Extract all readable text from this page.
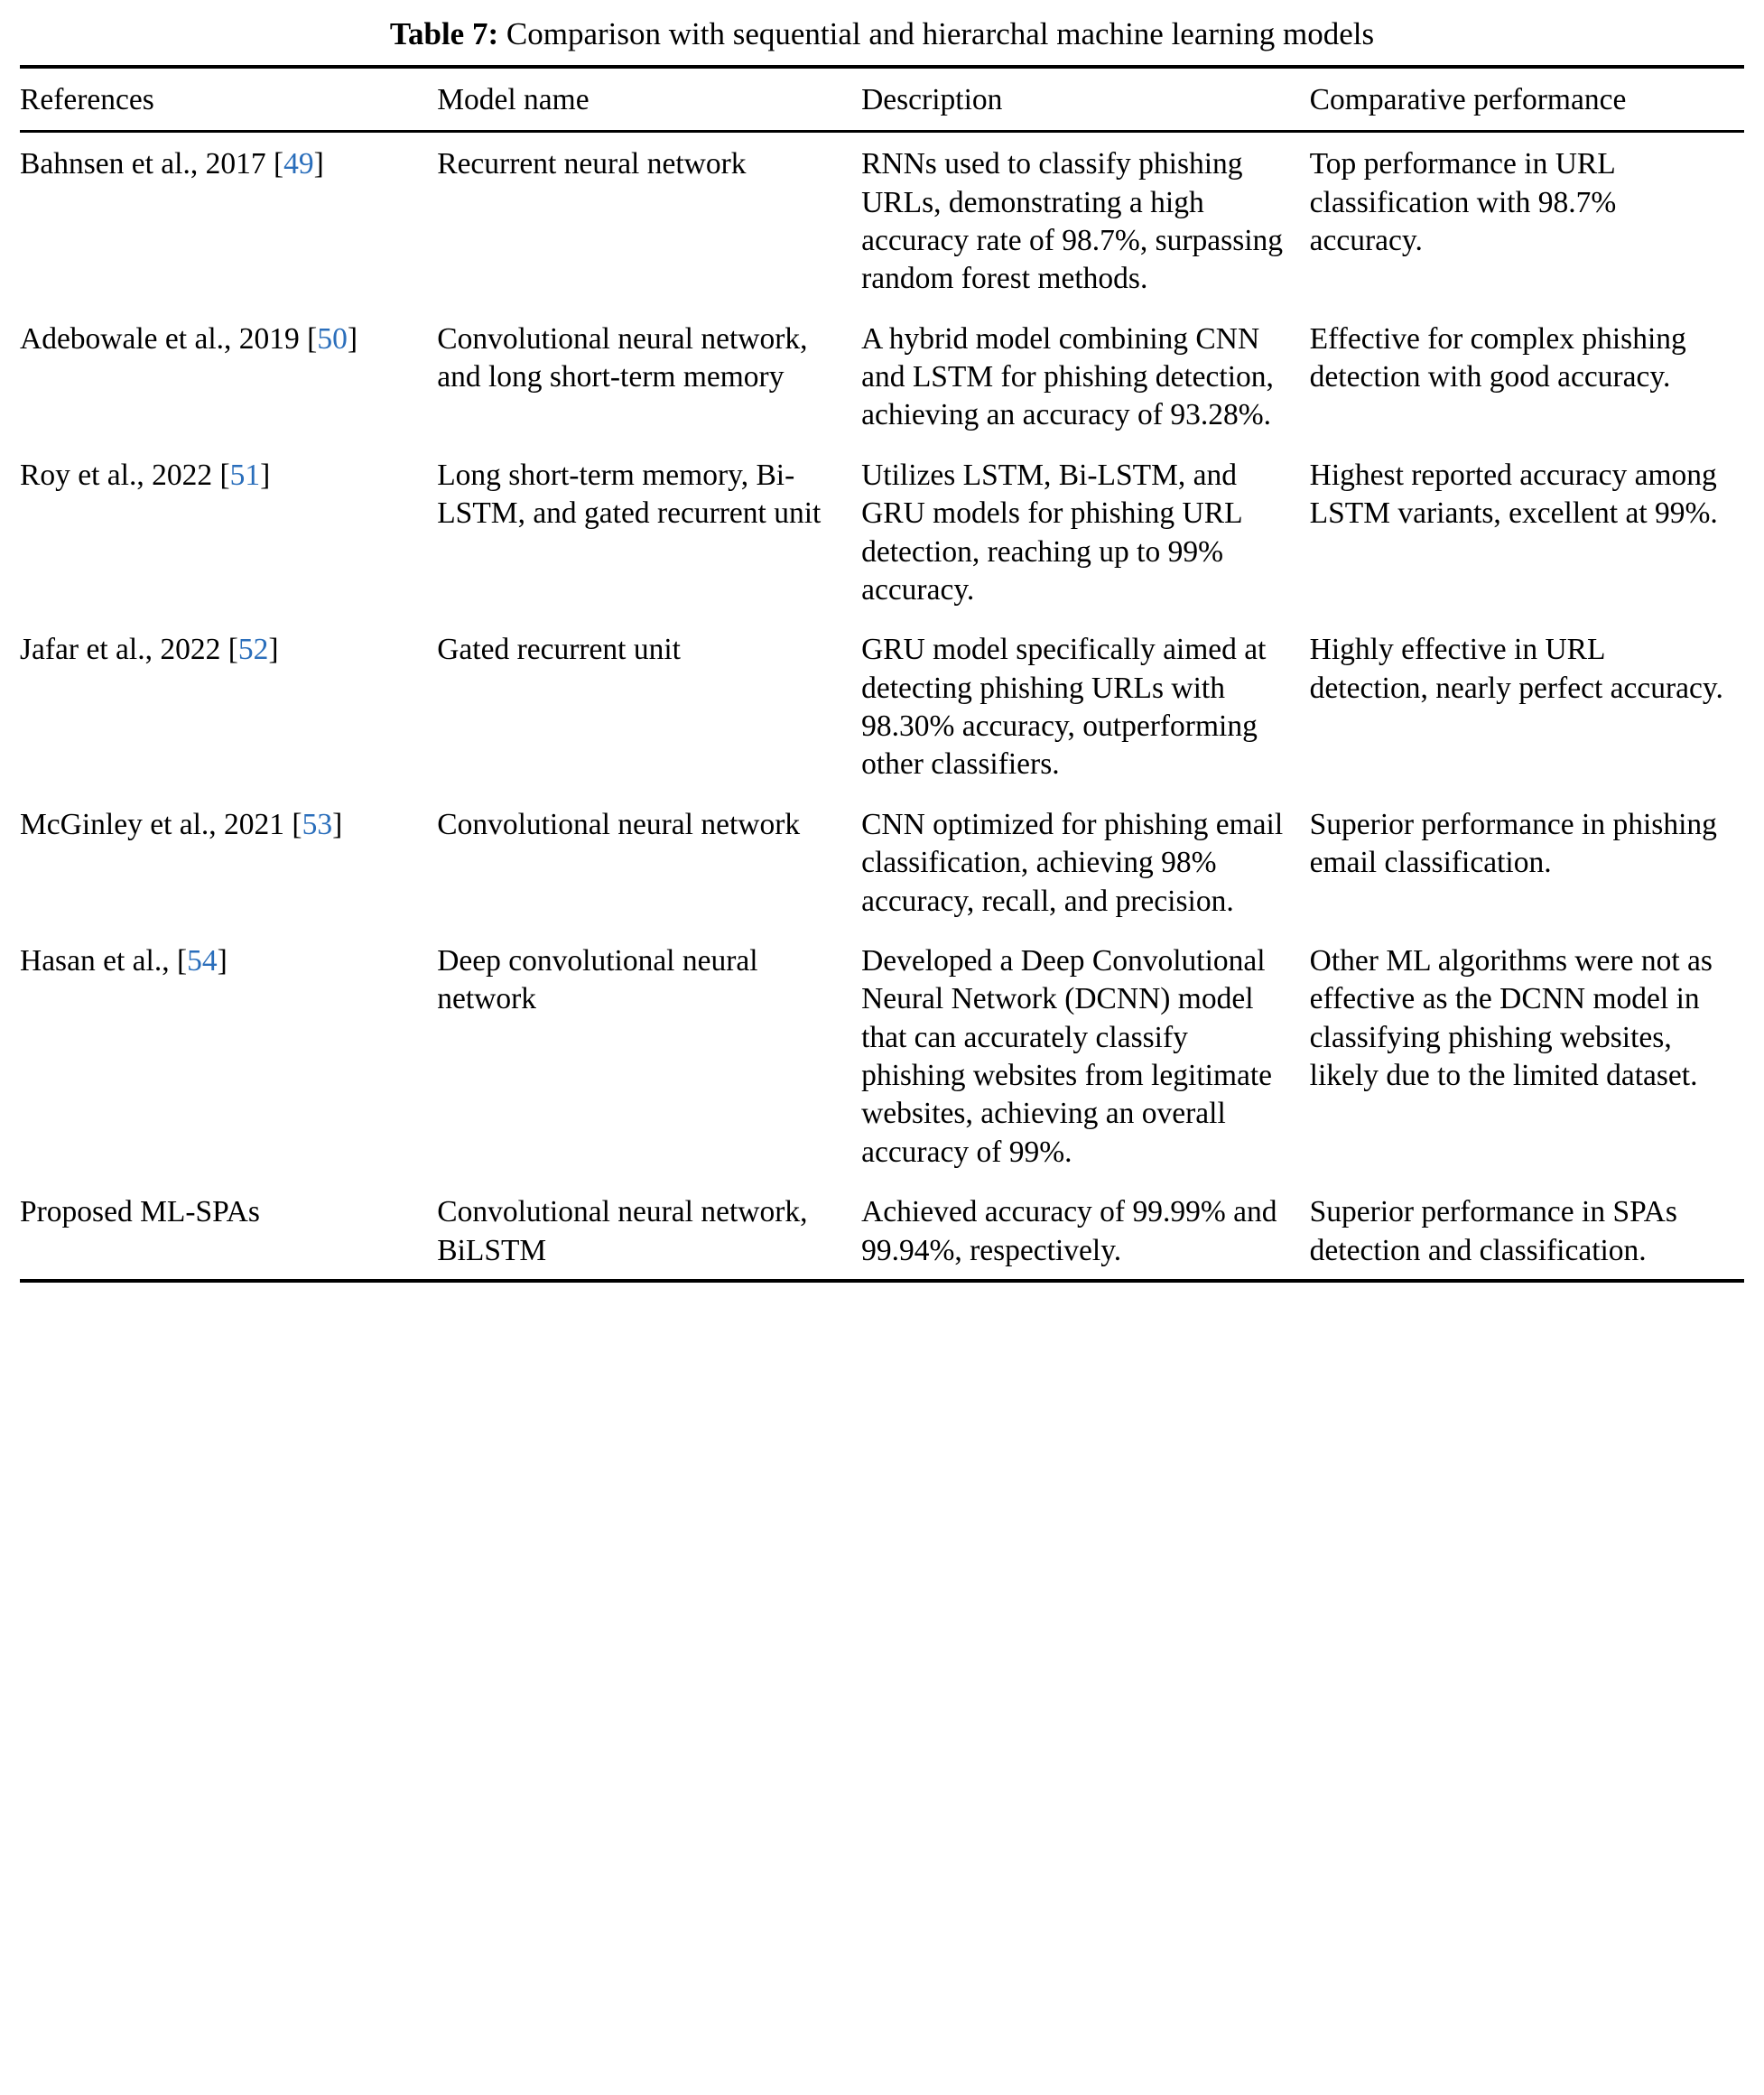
Table 7: Comparison with sequential and hierarchal machine learning models
References	Model name	Description	Comparative performance
Bahnsen et al., 2017 [49]	Recurrent neural network	RNNs used to classify phishing URLs, demonstrating a high accuracy rate of 98.7%, surpassing random forest methods.	Top performance in URL classification with 98.7% accuracy.
Adebowale et al., 2019 [50]	Convolutional neural network, and long short-term memory	A hybrid model combining CNN and LSTM for phishing detection, achieving an accuracy of 93.28%.	Effective for complex phishing detection with good accuracy.
Roy et al., 2022 [51]	Long short-term memory, Bi-LSTM, and gated recurrent unit	Utilizes LSTM, Bi-LSTM, and GRU models for phishing URL detection, reaching up to 99% accuracy.	Highest reported accuracy among LSTM variants, excellent at 99%.
Jafar et al., 2022 [52]	Gated recurrent unit	GRU model specifically aimed at detecting phishing URLs with 98.30% accuracy, outperforming other classifiers.	Highly effective in URL detection, nearly perfect accuracy.
McGinley et al., 2021 [53]	Convolutional neural network	CNN optimized for phishing email classification, achieving 98% accuracy, recall, and precision.	Superior performance in phishing email classification.
Hasan et al., [54]	Deep convolutional neural network	Developed a Deep Convolutional Neural Network (DCNN) model that can accurately classify phishing websites from legitimate websites, achieving an overall accuracy of 99%.	Other ML algorithms were not as effective as the DCNN model in classifying phishing websites, likely due to the limited dataset.
Proposed ML-SPAs	Convolutional neural network, BiLSTM	Achieved accuracy of 99.99% and 99.94%, respectively.	Superior performance in SPAs detection and classification.
